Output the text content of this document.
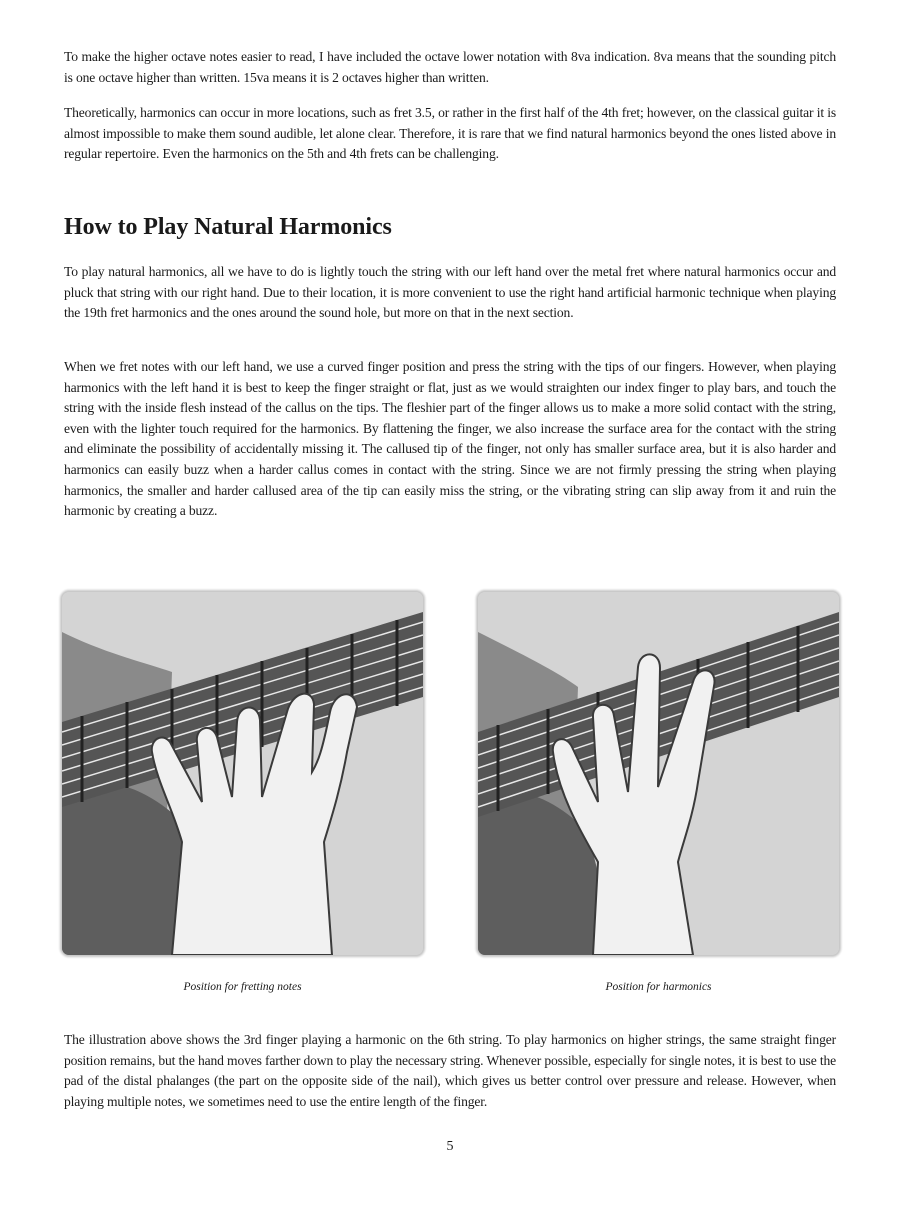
To make the higher octave notes easier to read, I have included the octave lower notation with 8va indication. 8va means that the sounding pitch is one octave higher than written. 15va means it is 2 octaves higher than written.

Theoretically, harmonics can occur in more locations, such as fret 3.5, or rather in the first half of the 4th fret; however, on the classical guitar it is almost impossible to make them sound audible, let alone clear. Therefore, it is rare that we find natural harmonics beyond the ones listed above in regular repertoire. Even the harmonics on the 5th and 4th frets can be challenging.

How to Play Natural Harmonics

To play natural harmonics, all we have to do is lightly touch the string with our left hand over the metal fret where natural harmonics occur and pluck that string with our right hand. Due to their location, it is more convenient to use the right hand artificial harmonic technique when playing the 19th fret harmonics and the ones around the sound hole, but more on that in the next section.

When we fret notes with our left hand, we use a curved finger position and press the string with the tips of our fingers. However, when playing harmonics with the left hand it is best to keep the finger straight or flat, just as we would straighten our index finger to play bars, and touch the string with the inside flesh instead of the callus on the tips. The fleshier part of the finger allows us to make a more solid contact with the string, even with the lighter touch required for the harmonics. By flattening the finger, we also increase the surface area for the contact with the string and eliminate the possibility of accidentally missing it. The callused tip of the finger, not only has smaller surface area, but it is also harder and harmonics can easily buzz when a harder callus comes in contact with the string. Since we are not firmly pressing the string when playing harmonics, the smaller and harder callused area of the tip can easily miss the string, or the vibrating string can slip away from it and ruin the harmonic by creating a buzz.

Position for fretting notes	Position for harmonics

The illustration above shows the 3rd finger playing a harmonic on the 6th string. To play harmonics on higher strings, the same straight finger position remains, but the hand moves farther down to play the necessary string. Whenever possible, especially for single notes, it is best to use the pad of the distal phalanges (the part on the opposite side of the nail), which gives us better control over pressure and release. However, when playing multiple notes, we sometimes need to use the entire length of the finger.

5
